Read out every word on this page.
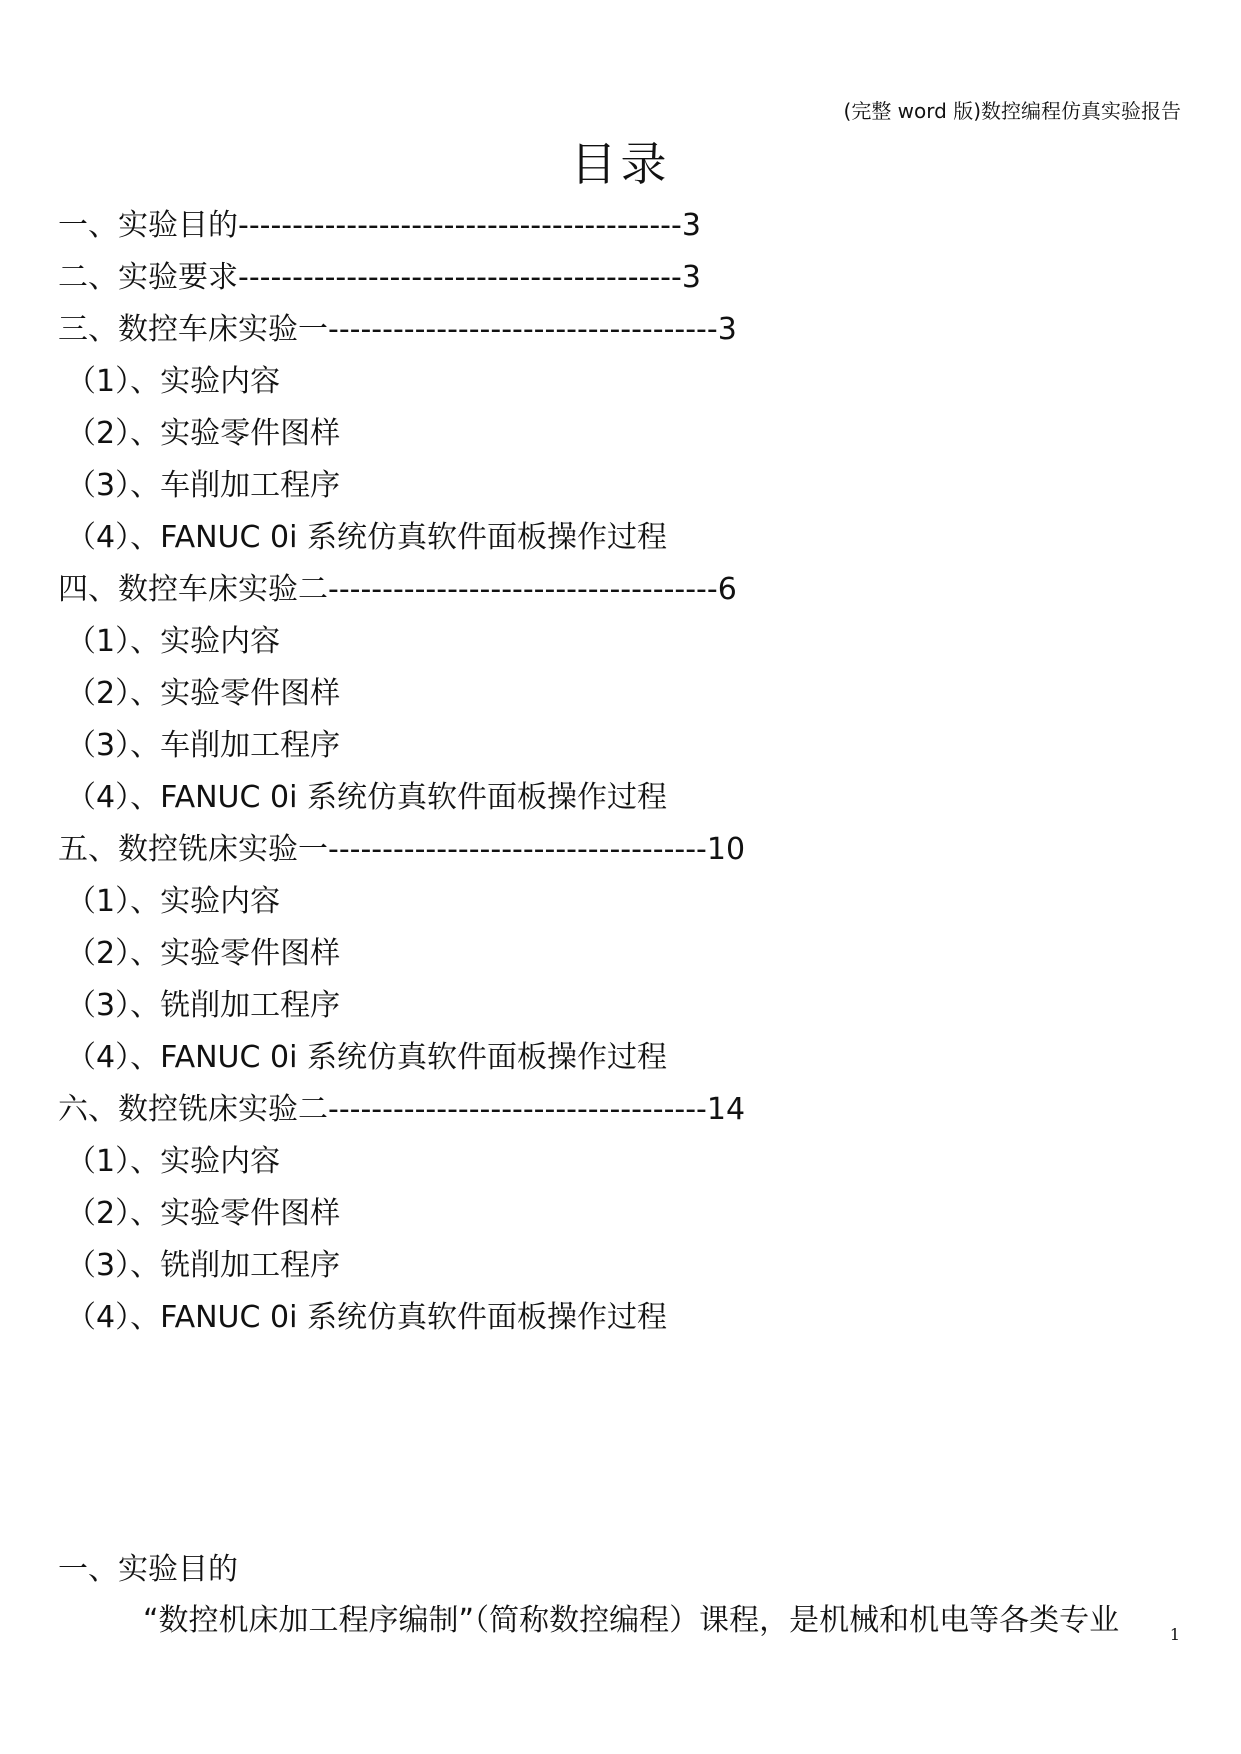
(完整 word 版)数控编程仿真实验报告
目录
一、实验目的-----------------------------------------3
二、实验要求-----------------------------------------3
三、数控车床实验一------------------------------------3
（1）、实验内容
（2）、实验零件图样
（3）、车削加工程序
（4）、FANUC 0i 系统仿真软件面板操作过程
四、数控车床实验二------------------------------------6
（1）、实验内容
（2）、实验零件图样
（3）、车削加工程序
（4）、FANUC 0i 系统仿真软件面板操作过程
五、数控铣床实验一-----------------------------------10
（1）、实验内容
（2）、实验零件图样
（3）、铣削加工程序
（4）、FANUC 0i 系统仿真软件面板操作过程
六、数控铣床实验二-----------------------------------14
（1）、实验内容
（2）、实验零件图样
（3）、铣削加工程序
（4）、FANUC 0i 系统仿真软件面板操作过程
一、实验目的
“数控机床加工程序编制”（简称数控编程）课程，是机械和机电等各类专业	1
